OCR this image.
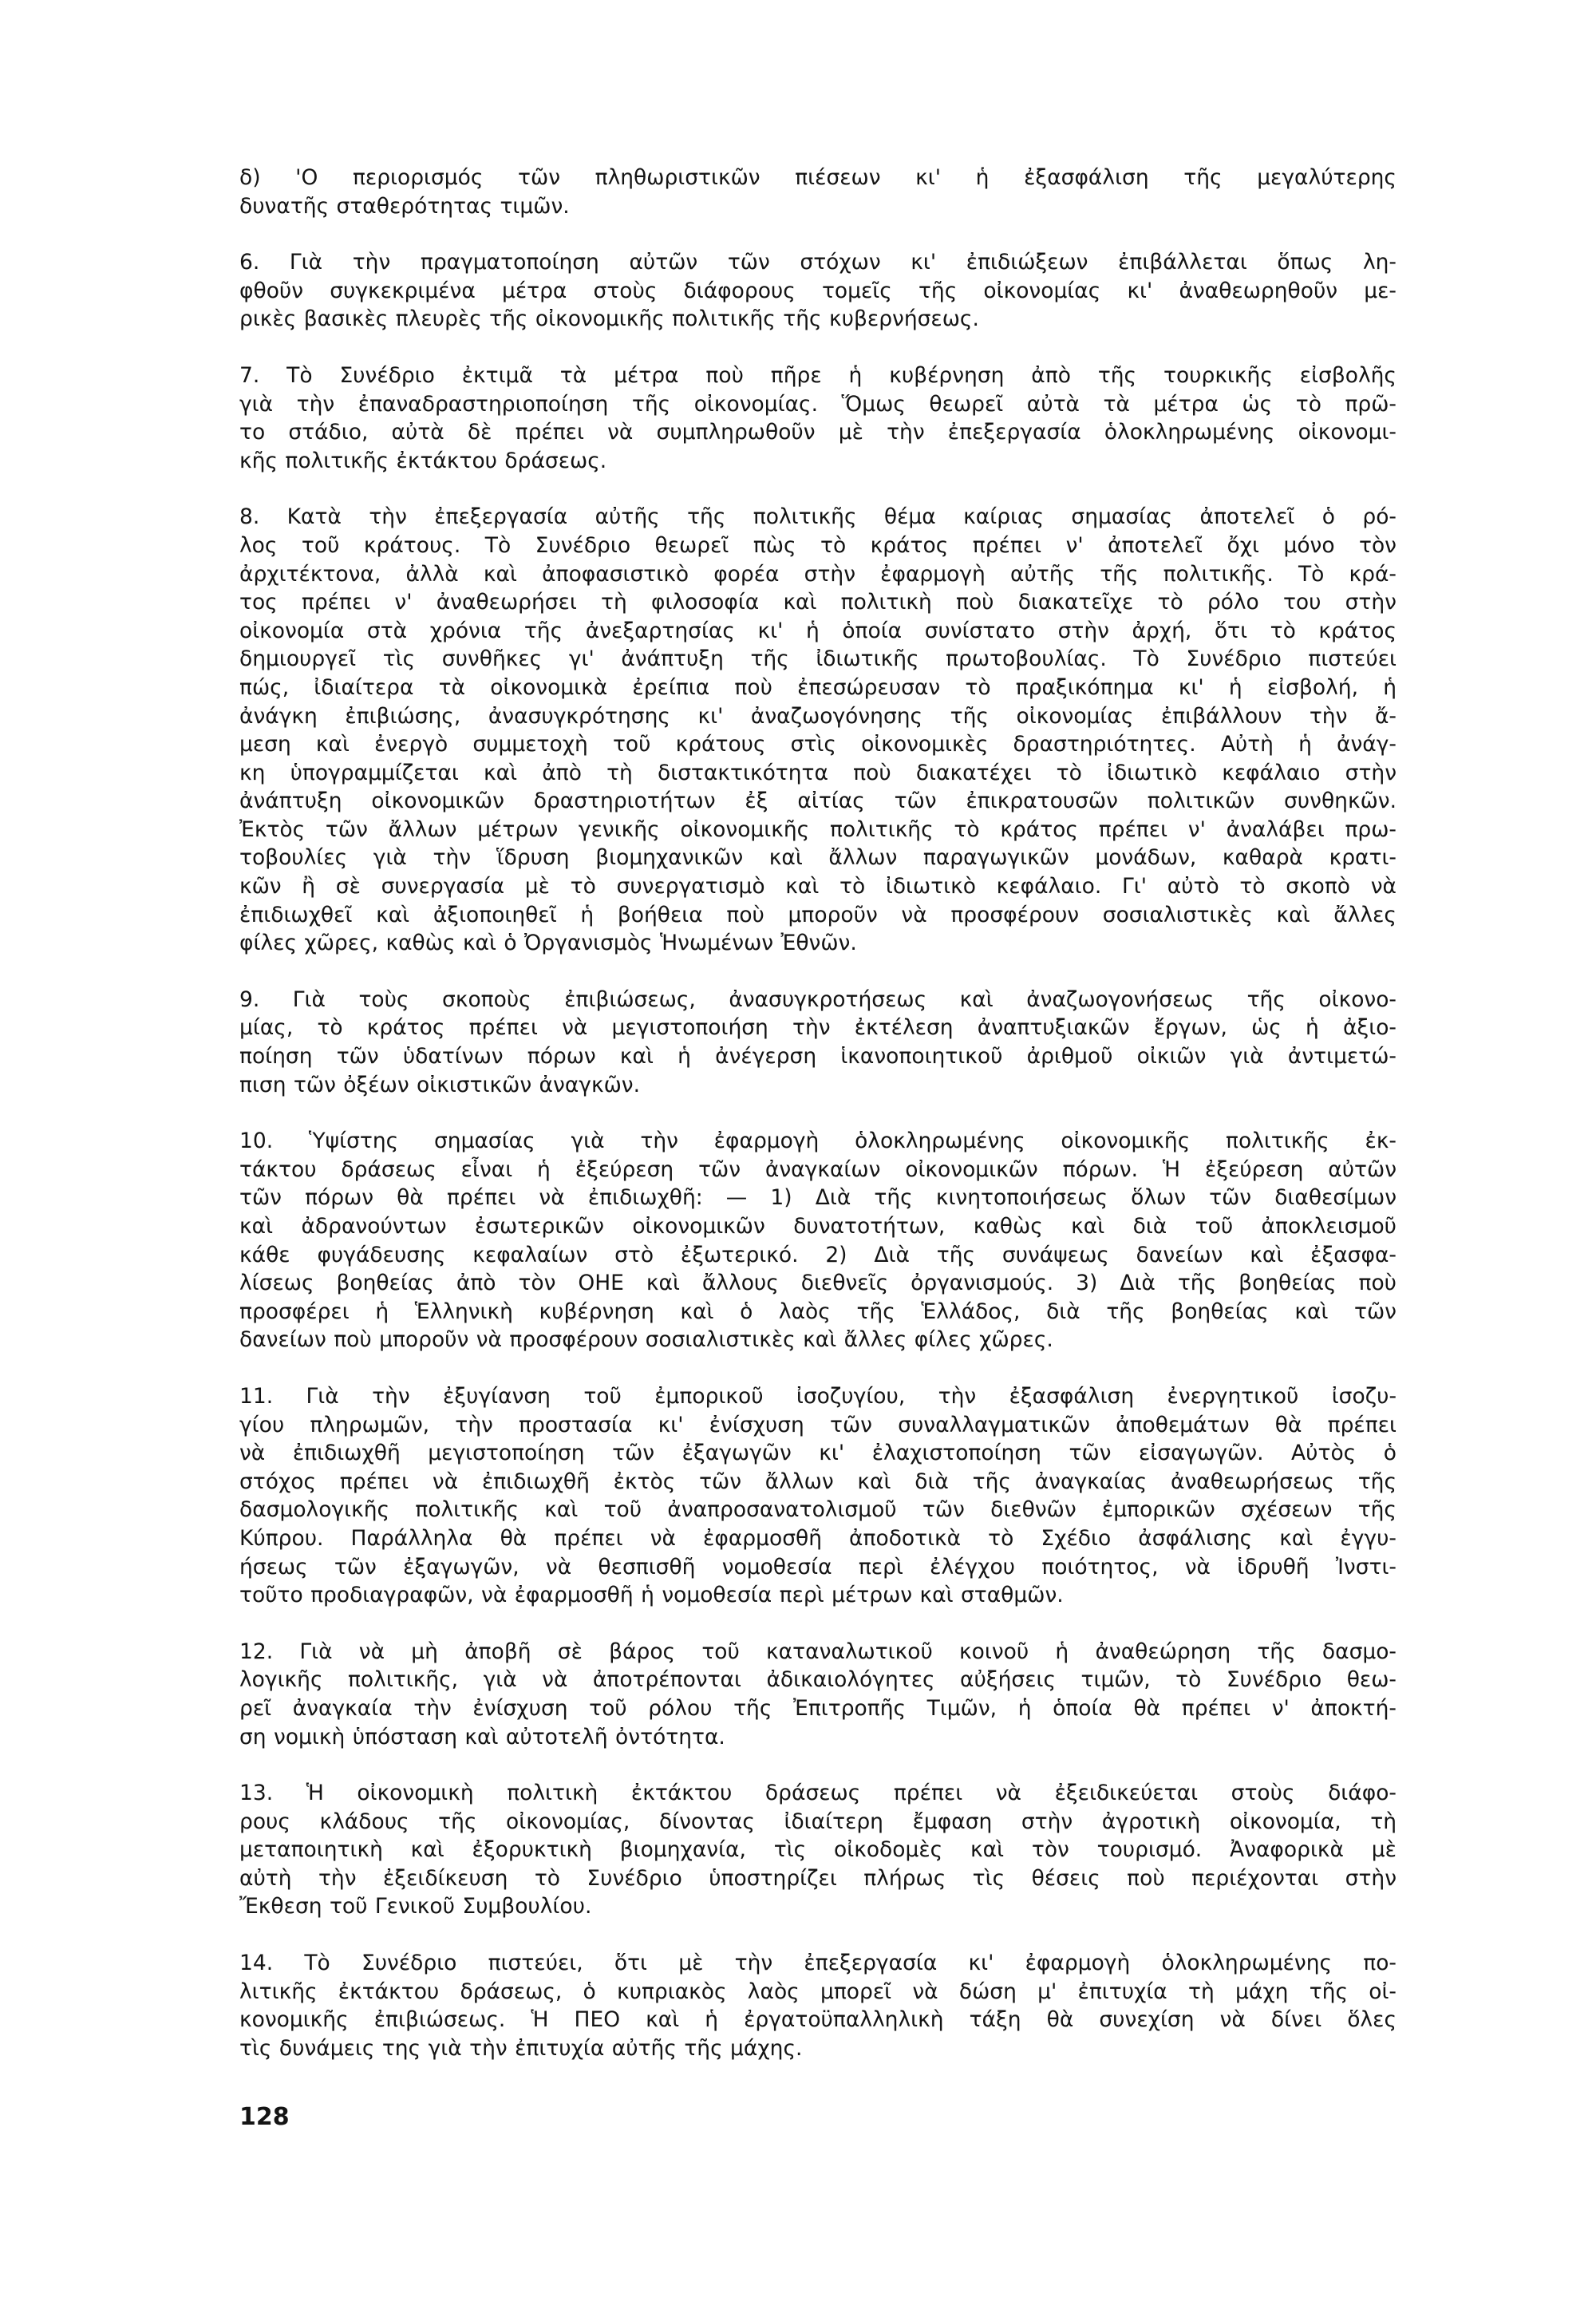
δ) 'Ο περιορισμός τῶν πληθωριστικῶν πιέσεων κι' ἡ ἐξασφάλιση τῆς μεγαλύτερης
δυνατῆς σταθερότητας τιμῶν.
6. Γιὰ τὴν πραγματοποίηση αὐτῶν τῶν στόχων κι' ἐπιδιώξεων ἐπιβάλλεται ὅπως λη-
φθοῦν συγκεκριμένα μέτρα στοὺς διάφορους τομεῖς τῆς οἰκονομίας κι' ἀναθεωρηθοῦν με-
ρικὲς βασικὲς πλευρὲς τῆς οἰκονομικῆς πολιτικῆς τῆς κυβερνήσεως.
7. Τὸ Συνέδριο ἐκτιμᾶ τὰ μέτρα ποὺ πῆρε ἡ κυβέρνηση ἀπὸ τῆς τουρκικῆς εἰσβολῆς
γιὰ τὴν ἐπαναδραστηριοποίηση τῆς οἰκονομίας. Ὅμως θεωρεῖ αὐτὰ τὰ μέτρα ὡς τὸ πρῶ-
το στάδιο, αὐτὰ δὲ πρέπει νὰ συμπληρωθοῦν μὲ τὴν ἐπεξεργασία ὁλοκληρωμένης οἰκονομι-
κῆς πολιτικῆς ἐκτάκτου δράσεως.
8. Κατὰ τὴν ἐπεξεργασία αὐτῆς τῆς πολιτικῆς θέμα καίριας σημασίας ἀποτελεῖ ὁ ρό-
λος τοῦ κράτους. Τὸ Συνέδριο θεωρεῖ πὼς τὸ κράτος πρέπει ν' ἀποτελεῖ ὄχι μόνο τὸν
ἀρχιτέκτονα, ἀλλὰ καὶ ἀποφασιστικὸ φορέα στὴν ἐφαρμογὴ αὐτῆς τῆς πολιτικῆς. Τὸ κρά-
τος πρέπει ν' ἀναθεωρήσει τὴ φιλοσοφία καὶ πολιτικὴ ποὺ διακατεῖχε τὸ ρόλο του στὴν
οἰκονομία στὰ χρόνια τῆς ἀνεξαρτησίας κι' ἡ ὁποία συνίστατο στὴν ἀρχή, ὅτι τὸ κράτος
δημιουργεῖ τὶς συνθῆκες γι' ἀνάπτυξη τῆς ἰδιωτικῆς πρωτοβουλίας. Τὸ Συνέδριο πιστεύει
πώς, ἰδιαίτερα τὰ οἰκονομικὰ ἐρείπια ποὺ ἐπεσώρευσαν τὸ πραξικόπημα κι' ἡ εἰσβολή, ἡ
ἀνάγκη ἐπιβιώσης, ἀνασυγκρότησης κι' ἀναζωογόνησης τῆς οἰκονομίας ἐπιβάλλουν τὴν ἄ-
μεση καὶ ἐνεργὸ συμμετοχὴ τοῦ κράτους στὶς οἰκονομικὲς δραστηριότητες. Αὐτὴ ἡ ἀνάγ-
κη ὑπογραμμίζεται καὶ ἀπὸ τὴ διστακτικότητα ποὺ διακατέχει τὸ ἰδιωτικὸ κεφάλαιο στὴν
ἀνάπτυξη οἰκονομικῶν δραστηριοτήτων ἐξ αἰτίας τῶν ἐπικρατουσῶν πολιτικῶν συνθηκῶν.
Ἐκτὸς τῶν ἄλλων μέτρων γενικῆς οἰκονομικῆς πολιτικῆς τὸ κράτος πρέπει ν' ἀναλάβει πρω-
τοβουλίες γιὰ τὴν ἵδρυση βιομηχανικῶν καὶ ἄλλων παραγωγικῶν μονάδων, καθαρὰ κρατι-
κῶν ἢ σὲ συνεργασία μὲ τὸ συνεργατισμὸ καὶ τὸ ἰδιωτικὸ κεφάλαιο. Γι' αὐτὸ τὸ σκοπὸ νὰ
ἐπιδιωχθεῖ καὶ ἀξιοποιηθεῖ ἡ βοήθεια ποὺ μποροῦν νὰ προσφέρουν σοσιαλιστικὲς καὶ ἄλλες
φίλες χῶρες, καθὼς καὶ ὁ Ὀργανισμὸς Ἡνωμένων Ἐθνῶν.
9. Γιὰ τοὺς σκοποὺς ἐπιβιώσεως, ἀνασυγκροτήσεως καὶ ἀναζωογονήσεως τῆς οἰκονο-
μίας, τὸ κράτος πρέπει νὰ μεγιστοποιήση τὴν ἐκτέλεση ἀναπτυξιακῶν ἔργων, ὡς ἡ ἀξιο-
ποίηση τῶν ὑδατίνων πόρων καὶ ἡ ἀνέγερση ἱκανοποιητικοῦ ἀριθμοῦ οἰκιῶν γιὰ ἀντιμετώ-
πιση τῶν ὀξέων οἰκιστικῶν ἀναγκῶν.
10. Ὑψίστης σημασίας γιὰ τὴν ἐφαρμογὴ ὁλοκληρωμένης οἰκονομικῆς πολιτικῆς ἐκ-
τάκτου δράσεως εἶναι ἡ ἐξεύρεση τῶν ἀναγκαίων οἰκονομικῶν πόρων. Ἡ ἐξεύρεση αὐτῶν
τῶν πόρων θὰ πρέπει νὰ ἐπιδιωχθῆ: — 1) Διὰ τῆς κινητοποιήσεως ὅλων τῶν διαθεσίμων
καὶ ἀδρανούντων ἐσωτερικῶν οἰκονομικῶν δυνατοτήτων, καθὼς καὶ διὰ τοῦ ἀποκλεισμοῦ
κάθε φυγάδευσης κεφαλαίων στὸ ἐξωτερικό. 2) Διὰ τῆς συνάψεως δανείων καὶ ἐξασφα-
λίσεως βοηθείας ἀπὸ τὸν ΟΗΕ καὶ ἄλλους διεθνεῖς ὀργανισμούς. 3) Διὰ τῆς βοηθείας ποὺ
προσφέρει ἡ Ἑλληνικὴ κυβέρνηση καὶ ὁ λαὸς τῆς Ἑλλάδος, διὰ τῆς βοηθείας καὶ τῶν
δανείων ποὺ μποροῦν νὰ προσφέρουν σοσιαλιστικὲς καὶ ἄλλες φίλες χῶρες.
11. Γιὰ τὴν ἐξυγίανση τοῦ ἐμπορικοῦ ἰσοζυγίου, τὴν ἐξασφάλιση ἐνεργητικοῦ ἰσοζυ-
γίου πληρωμῶν, τὴν προστασία κι' ἐνίσχυση τῶν συναλλαγματικῶν ἀποθεμάτων θὰ πρέπει
νὰ ἐπιδιωχθῆ μεγιστοποίηση τῶν ἐξαγωγῶν κι' ἐλαχιστοποίηση τῶν εἰσαγωγῶν. Αὐτὸς ὁ
στόχος πρέπει νὰ ἐπιδιωχθῆ ἐκτὸς τῶν ἄλλων καὶ διὰ τῆς ἀναγκαίας ἀναθεωρήσεως τῆς
δασμολογικῆς πολιτικῆς καὶ τοῦ ἀναπροσανατολισμοῦ τῶν διεθνῶν ἐμπορικῶν σχέσεων τῆς
Κύπρου. Παράλληλα θὰ πρέπει νὰ ἐφαρμοσθῆ ἀποδοτικὰ τὸ Σχέδιο ἀσφάλισης καὶ ἐγγυ-
ήσεως τῶν ἐξαγωγῶν, νὰ θεσπισθῆ νομοθεσία περὶ ἐλέγχου ποιότητος, νὰ ἱδρυθῆ Ἰνστι-
τοῦτο προδιαγραφῶν, νὰ ἐφαρμοσθῆ ἡ νομοθεσία περὶ μέτρων καὶ σταθμῶν.
12. Γιὰ νὰ μὴ ἀποβῆ σὲ βάρος τοῦ καταναλωτικοῦ κοινοῦ ἡ ἀναθεώρηση τῆς δασμο-
λογικῆς πολιτικῆς, γιὰ νὰ ἀποτρέπονται ἀδικαιολόγητες αὐξήσεις τιμῶν, τὸ Συνέδριο θεω-
ρεῖ ἀναγκαία τὴν ἐνίσχυση τοῦ ρόλου τῆς Ἐπιτροπῆς Τιμῶν, ἡ ὁποία θὰ πρέπει ν' ἀποκτή-
ση νομικὴ ὑπόσταση καὶ αὐτοτελῆ ὀντότητα.
13. Ἡ οἰκονομικὴ πολιτικὴ ἐκτάκτου δράσεως πρέπει νὰ ἐξειδικεύεται στοὺς διάφο-
ρους κλάδους τῆς οἰκονομίας, δίνοντας ἰδιαίτερη ἔμφαση στὴν ἀγροτικὴ οἰκονομία, τὴ
μεταποιητικὴ καὶ ἐξορυκτικὴ βιομηχανία, τὶς οἰκοδομὲς καὶ τὸν τουρισμό. Ἀναφορικὰ μὲ
αὐτὴ τὴν ἐξειδίκευση τὸ Συνέδριο ὑποστηρίζει πλήρως τὶς θέσεις ποὺ περιέχονται στὴν
Ἔκθεση τοῦ Γενικοῦ Συμβουλίου.
14. Τὸ Συνέδριο πιστεύει, ὅτι μὲ τὴν ἐπεξεργασία κι' ἐφαρμογὴ ὁλοκληρωμένης πο-
λιτικῆς ἐκτάκτου δράσεως, ὁ κυπριακὸς λαὸς μπορεῖ νὰ δώση μ' ἐπιτυχία τὴ μάχη τῆς οἰ-
κονομικῆς ἐπιβιώσεως. Ἡ ΠΕΟ καὶ ἡ ἐργατοϋπαλληλικὴ τάξη θὰ συνεχίση νὰ δίνει ὅλες
τὶς δυνάμεις της γιὰ τὴν ἐπιτυχία αὐτῆς τῆς μάχης.
128
